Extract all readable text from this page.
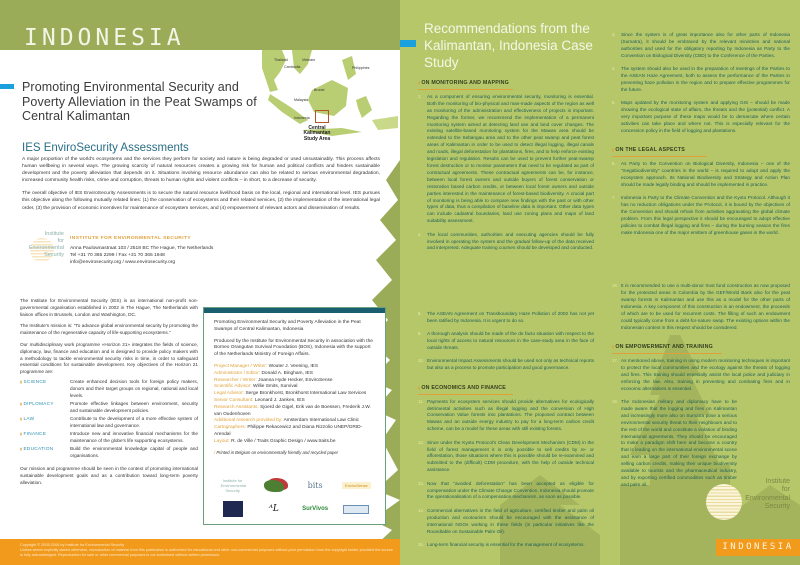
INDONESIA
Thailand	Vietnam
Cambodia	Philippines
Brunei
Malaysia
Indonesia
Central Kalimantan Study Area
Promoting Environmental Security and Poverty Alleviation in the Peat Swamps of Central Kalimantan
IES EnviroSecurity Assessments

A major proportion of the world's ecosystems and the services they perform for society and nature is being degraded or used unsustainably. This process affects human wellbeing in several ways. The growing scarcity of natural resources creates a growing risk for human and political conflicts and hinders sustainable development and the poverty alleviation that depends on it. Situations involving resource abundance can also be related to serious environmental degradation, increased community health risks, crime and corruption, threats to human rights and violent conflicts – in short, to a decrease of security.

The overall objective of IES EnviroSecurity Assessments is to secure the natural resource livelihood basis on the local, regional and international level. IES pursues this objective along the following mutually related lines: (1) the conservation of ecosystems and their related services, (2) the implementation of the international legal order, (3) the provision of economic incentives for maintenance of ecosystem services, and (4) empowerment of relevant actors and dissemination of results.

Institute
for
Environmental
Security
INSTITUTE FOR ENVIRONMENTAL SECURITY
Anna Paulownastraat 103 / 2518 BC The Hague, The Netherlands
Tel +31 70 365 2299 / Fax +31 70 365 1948
info@envirosecurity.org / www.envirosecurity.org

The Institute for Environmental Security (IES) is an international non-profit non-governmental organisation established in 2002 in The Hague, The Netherlands with liaison offices in Brussels, London and Washington, DC.

The Institute's mission is: "To advance global environmental security by promoting the maintenance of the regenerative capacity of life-supporting ecosystems."

Our multidisciplinary work programme «Horizon 21» integrates the fields of science, diplomacy, law, finance and education and is designed to provide policy makers with a methodology to tackle environmental security risks in time, in order to safeguard essential conditions for sustainable development. Key objectives of the Horizon 21 programme are:

▮ SCIENCE	Create enhanced decision tools for foreign policy makers, donors and their target groups on regional, national and local levels.
▮ DIPLOMACY	Promote effective linkages between environment, security and sustainable development policies.
▮ LAW	Contribute to the development of a more effective system of international law and governance.
▮ FINANCE	Introduce new and innovative financial mechanisms for the maintenance of the globe's life supporting ecosystems.
▮ EDUCATION	Build the environmental knowledge capital of people and organisations.

Our mission and programme should be seen in the context of promoting international sustainable development goals and as a contribution toward long-term poverty alleviation.

Promoting Environmental Security and Poverty Alleviation in the Peat Swamps of Central Kalimantan, Indonesia

Produced by the Institute for Environmental Security in association with the Borneo Orangutan Survival Foundation (BOS), Indonesia with the support of the Netherlands Ministry of Foreign Affairs.

Project Manager / Writer: Wouter J. Veening, IES
Administrator / Editor: Donald A. Bingham, IES
Researcher / Writer: Joanna Hyde Hecker, EnviroSense
Scientific Advisor: Willie Smits, Survival
Legal Advisor: Serge Bronkhorst, Bronkhorst International Law Services
Senior Consultant: Leonard J. Janken, IES
Research Assistants: Sjoerd de Gigel, Erik van de Boessen, Frederik J.W. van Oudenhoven
Additional research provided by: Amsterdam International Law Clinic
Cartographers: Philippe Rekacewicz and Diana Rizzolio UNEP/GRID-Arendal
Layout: R. de Ville / Traits Graphic Design / www.traits.be
/ Printed in Belgium on environmentally friendly and recycled paper
Institute for Environmental Security
bits	EnviroSense
ᴬL	SurVivos
Copyright © 2005-2006 by Institute for Environmental Security
Unless where explicitly stated otherwise, reproduction of material from this publication is authorised for educational and other non-commercial purposes without prior permission from the copyright holder provided the source is fully acknowledged. Reproduction for sale or other commercial purposes is not authorised without written permission.
Recommendations from the Kalimantan, Indonesia Case Study
▮ ON MONITORING AND MAPPING
1. As a component of ensuring environmental security, monitoring is essential. Both the monitoring of bio-physical and man-made aspects of the region as well as monitoring of the administration and effectiveness of projects is important. Regarding the former, we recommend the implementation of a permanent monitoring system aimed at detecting land use and land cover changes. The existing satellite-based monitoring system for the Mawas area should be extended to the Sebangau area and to the other peat swamp and peat forest areas of Kalimantan in order to be used to detect illegal logging, illegal canals and roads, illegal deforestation for plantations, fires, and to help enforce existing legislation and regulation. Results can be used to prevent further peat-swamp forest destruction or to monitor parameters that need to be regulated as part of contractual agreements. These contractual agreements can be, for instance, between local forest owners and outside buyers of forest conservation or restoration based carbon credits, or between local forest owners and outside parties interested in the maintenance of forest-based biodiversity. A crucial part of monitoring is being able to compare new findings with the past or with other types of data, thus a compilation of baseline data is important. Other data types can include cadastral boundaries, land use zoning plans and maps of land suitability assessment.
2. The local communities, authorities and executing agencies should be fully involved in operating the system and the gradual follow-up of the data received and interpreted. Adequate training courses should be developed and conducted.
8. The ASEAN Agreement on Transboundary Haze Pollution of 2002 has not yet been ratified by Indonesia. It is urgent to do so.
9. A thorough analysis should be made of the de facto situation with respect to the local rights of access to natural resources in the case-study area in the face of outside threats.
10. Environmental Impact Assessments should be used not only as technical reports but also as a process to promote participation and good governance.
▮ ON ECONOMICS AND FINANCE
11. Payments for ecosystem services should provide alternatives for ecologically detrimental activities such as illegal logging and the conversion of High Conservation Value forests into plantations. The proposed contract between Mawas and an outside energy industry to pay for a long-term carbon credit scheme, can be a model for these areas with still existing forests.
12. Since under the Kyoto Protocol's Clean Development Mechanism (CDM) in the field of forest management it is only possible to sell credits by re- or afforestation, those situations where this is possible should be re-examined and submitted to the (difficult) CDM procedure, with the help of outside technical assistance.
13. Now that "avoided deforestation" has been accepted as eligible for compensation under the Climate Change Convention, Indonesia should promote the operationalisation of a compensation mechanism, as soon as possible.
14. Commercial alternatives in the field of agriculture, certified timber and palm oil production and ecotourism should be encouraged with the assistance of international NGOs working in these fields (in particular initiatives like the Roundtable on Sustainable Palm Oil).
15. Long-term financial security is essential for the management of ecosystems.
3. Since the system is of great importance also for other parts of Indonesia (Sumatra), it should be embraced by the relevant ministries and national authorities and used for the obligatory reporting by Indonesia as Party to the Convention on Biological Diversity (CBD) to the Conference of the Parties.
4. The system should also be used in the preparation of meetings of the Parties to the ASEAN Haze Agreement, both to assess the performance of the Parties in preventing haze pollution in the region and to prepare effective programmes for the future.
5. Maps updated by the monitoring system and applying GIS – should be made showing the ecological state of affairs, the threats and the (potential) conflict. A very important purpose of these maps would be to demarcate where certain activities can take place and where not. This is especially relevant for the concession policy in the field of logging and plantations.
▮ ON THE LEGAL ASPECTS
6. As Party to the Convention on Biological Diversity, Indonesia – one of the "megabiodiversity" countries in the world – is required to adopt and apply the ecosystem approach. Its National Biodiversity and Strategy and Action Plan should be made legally binding and should be implemented in practice.
7. Indonesia is Party to the Climate Convention and the Kyoto Protocol. Although it has no reduction obligations under the Protocol, it is bound by the objectives of the Convention and should refrain from activities aggravating the global climate problem. From this legal perspective it should be encouraged to adopt effective policies to combat illegal logging and fires – during the burning season the fires make Indonesia one of the major emitters of greenhouse gases in the world.
16. It is recommended to use a multi-donor trust fund construction as now proposed for the protected areas in Colombia by the GEF/World Bank also for the peat swamp forests in Kalimantan and use this as a model for the other parts of Indonesia. A key component of this construction is an endowment, the proceeds of which are to be used for recurrent costs. The filling of such an endowment could typically come from a debt-for-nature swap. The existing options within the Indonesian context in this respect should be considered.
▮ ON EMPOWERMENT AND TRAINING
17. As mentioned above, training in using modern monitoring techniques is important to protect the local communities and the ecology against the threats of logging and fires. This training should especially assist the local police and judiciary in enforcing the law. Also, training in preventing and combating fires and in economic alternatives is essential.
18. The Indonesian military and diplomacy have to be made aware that the logging and fires on Kalimantan and increasingly more also on Sumatra pose a serious environmental security threat to their neighbours and to the rest of the world and constitute a violation of binding international agreements. They should be encouraged to make a paradigm shift here and become a country that is leading on the international environmental scene and earn a large part of their foreign exchange by selling carbon credits, making their unique biodiversity available to tourists and the pharmaceutical industry, and by exporting certified commodities such as timber and palm oil.	Institute
for
Environmental
Security
INDONESIA
